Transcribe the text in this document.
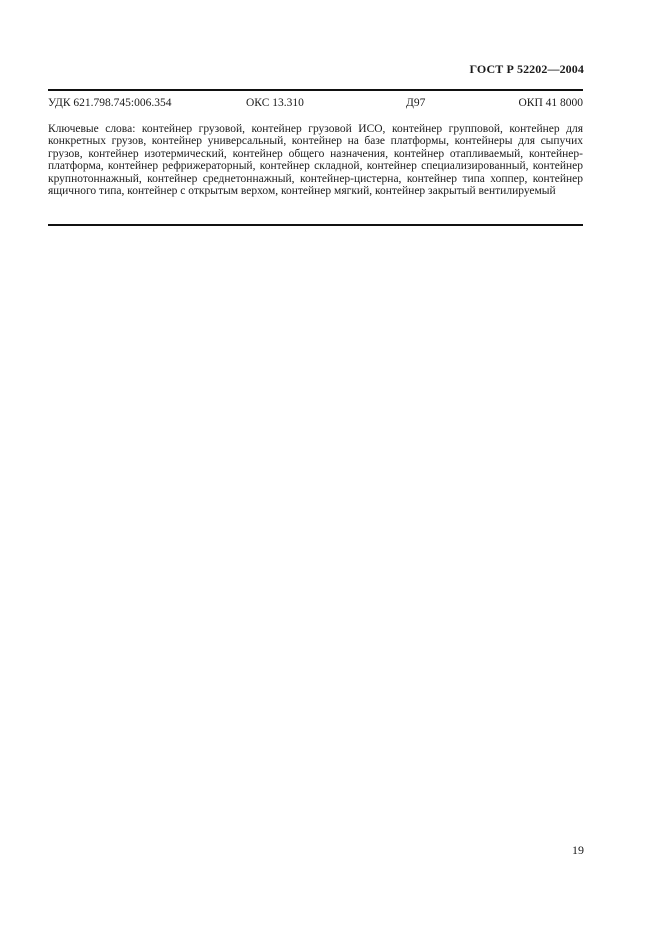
ГОСТ Р 52202—2004
УДК 621.798.745:006.354	ОКС 13.310	Д97	ОКП 41 8000

Ключевые слова: контейнер грузовой, контейнер грузовой ИСО, контейнер групповой, контейнер для конкретных грузов, контейнер универсальный, контейнер на базе платформы, контейнеры для сыпучих грузов, контейнер изотермический, контейнер общего назначения, контейнер отапливаемый, контейнер-платформа, контейнер рефрижераторный, контейнер складной, контейнер специализированный, контейнер крупнотоннажный, контейнер среднетоннажный, контейнер-цистерна, контейнер типа хоппер, контейнер ящичного типа, контейнер с открытым верхом, контейнер мягкий, контейнер закрытый вентилируемый

19
